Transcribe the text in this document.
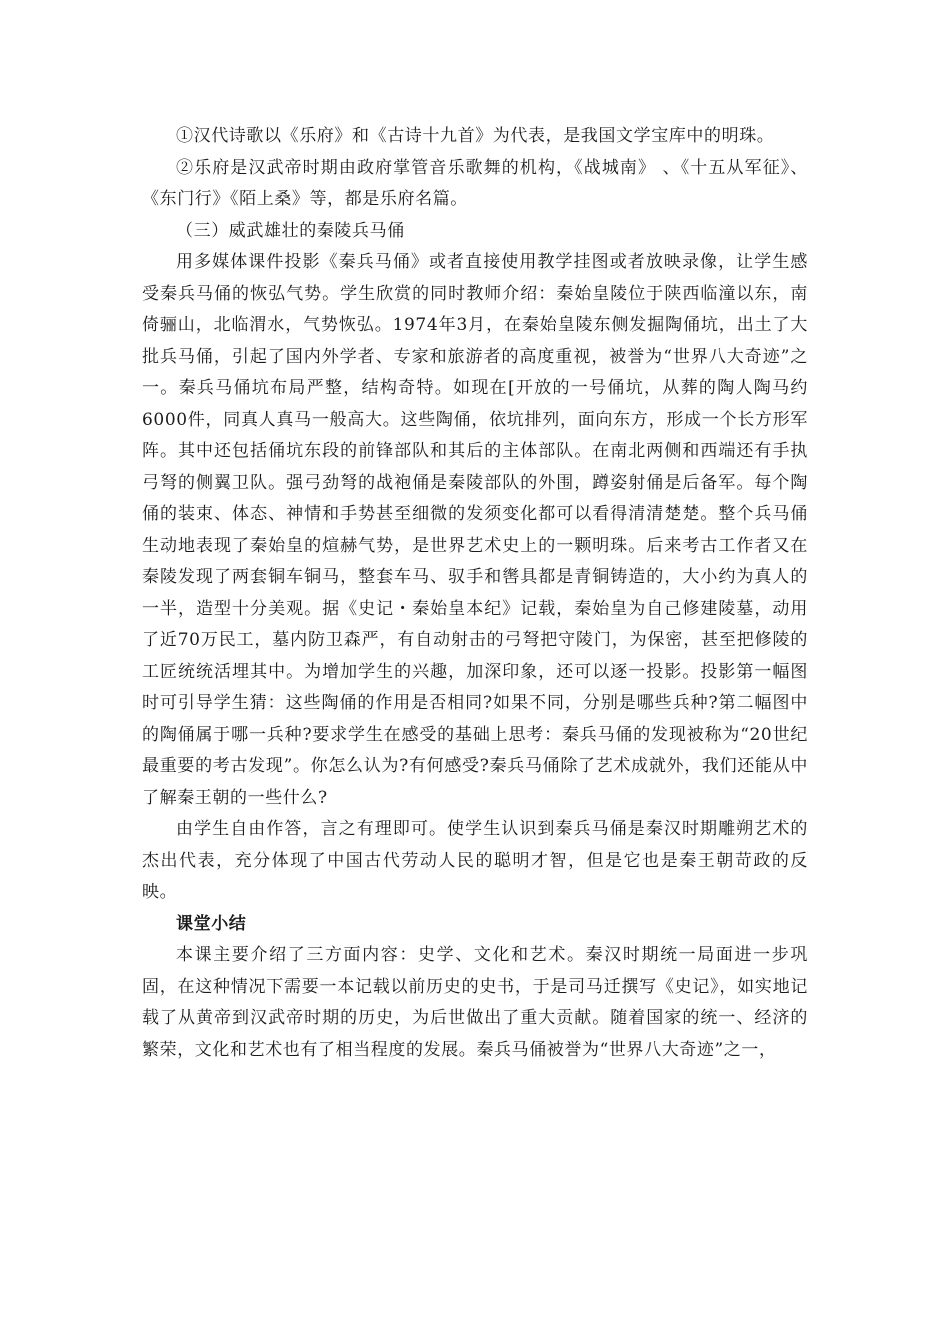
①汉代诗歌以《乐府》和《古诗十九首》为代表，是我国文学宝库中的明珠。

②乐府是汉武帝时期由政府掌管音乐歌舞的机构，《战城南》 、《十五从军征》、《东门行》《陌上桑》等，都是乐府名篇。

（三）威武雄壮的秦陵兵马俑

用多媒体课件投影《秦兵马俑》或者直接使用教学挂图或者放映录像，让学生感受秦兵马俑的恢弘气势。学生欣赏的同时教师介绍：秦始皇陵位于陕西临潼以东，南倚骊山，北临渭水，气势恢弘。1974年3月，在秦始皇陵东侧发掘陶俑坑，出土了大批兵马俑，引起了国内外学者、专家和旅游者的高度重视，被誉为“世界八大奇迹”之一。秦兵马俑坑布局严整，结构奇特。如现在[开放的一号俑坑，从葬的陶人陶马约6000件，同真人真马一般高大。这些陶俑，依坑排列，面向东方，形成一个长方形军阵。其中还包括俑坑东段的前锋部队和其后的主体部队。在南北两侧和西端还有手执弓弩的侧翼卫队。强弓劲弩的战袍俑是秦陵部队的外围，蹲姿射俑是后备军。每个陶俑的装束、体态、神情和手势甚至细微的发须变化都可以看得清清楚楚。整个兵马俑生动地表现了秦始皇的煊赫气势，是世界艺术史上的一颗明珠。后来考古工作者又在秦陵发现了两套铜车铜马，整套车马、驭手和辔具都是青铜铸造的，大小约为真人的一半，造型十分美观。据《史记・秦始皇本纪》记载，秦始皇为自己修建陵墓，动用了近70万民工，墓内防卫森严，有自动射击的弓弩把守陵门，为保密，甚至把修陵的工匠统统活埋其中。为增加学生的兴趣，加深印象，还可以逐一投影。投影第一幅图时可引导学生猜：这些陶俑的作用是否相同?如果不同，分别是哪些兵种?第二幅图中的陶俑属于哪一兵种?要求学生在感受的基础上思考：秦兵马俑的发现被称为“20世纪最重要的考古发现”。你怎么认为?有何感受?秦兵马俑除了艺术成就外，我们还能从中了解秦王朝的一些什么?

由学生自由作答，言之有理即可。使学生认识到秦兵马俑是秦汉时期雕朔艺术的杰出代表，充分体现了中国古代劳动人民的聪明才智，但是它也是秦王朝苛政的反映。

课堂小结

本课主要介绍了三方面内容：史学、文化和艺术。秦汉时期统一局面进一步巩固，在这种情况下需要一本记载以前历史的史书，于是司马迁撰写《史记》，如实地记载了从黄帝到汉武帝时期的历史，为后世做出了重大贡献。随着国家的统一、经济的繁荣，文化和艺术也有了相当程度的发展。秦兵马俑被誉为“世界八大奇迹”之一，
